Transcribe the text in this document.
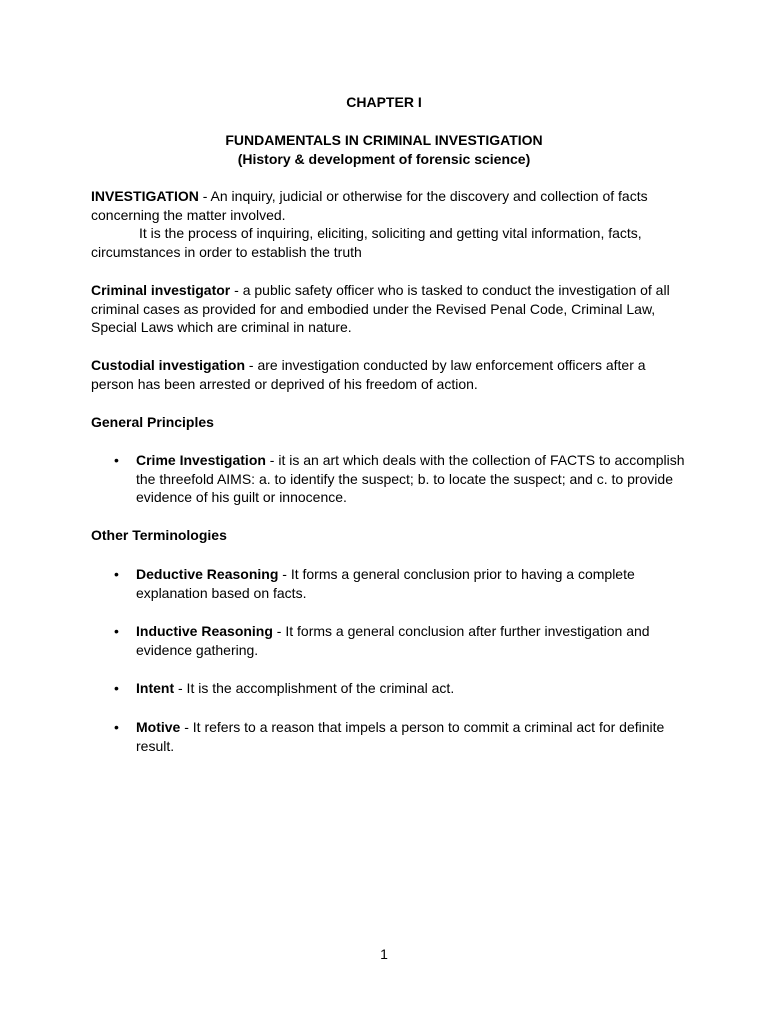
CHAPTER I
FUNDAMENTALS IN CRIMINAL INVESTIGATION
(History & development of forensic science)

INVESTIGATION - An inquiry, judicial or otherwise for the discovery and collection of facts concerning the matter involved.

It is the process of inquiring, eliciting, soliciting and getting vital information, facts, circumstances in order to establish the truth

Criminal investigator - a public safety officer who is tasked to conduct the investigation of all criminal cases as provided for and embodied under the Revised Penal Code, Criminal Law, Special Laws which are criminal in nature.

Custodial investigation - are investigation conducted by law enforcement officers after a person has been arrested or deprived of his freedom of action.

General Principles
• Crime Investigation - it is an art which deals with the collection of FACTS to accomplish the threefold AIMS: a. to identify the suspect; b. to locate the suspect; and c. to provide evidence of his guilt or innocence.
Other Terminologies
• Deductive Reasoning - It forms a general conclusion prior to having a complete explanation based on facts.
• Inductive Reasoning - It forms a general conclusion after further investigation and evidence gathering.
• Intent - It is the accomplishment of the criminal act.
• Motive - It refers to a reason that impels a person to commit a criminal act for definite result.
1
